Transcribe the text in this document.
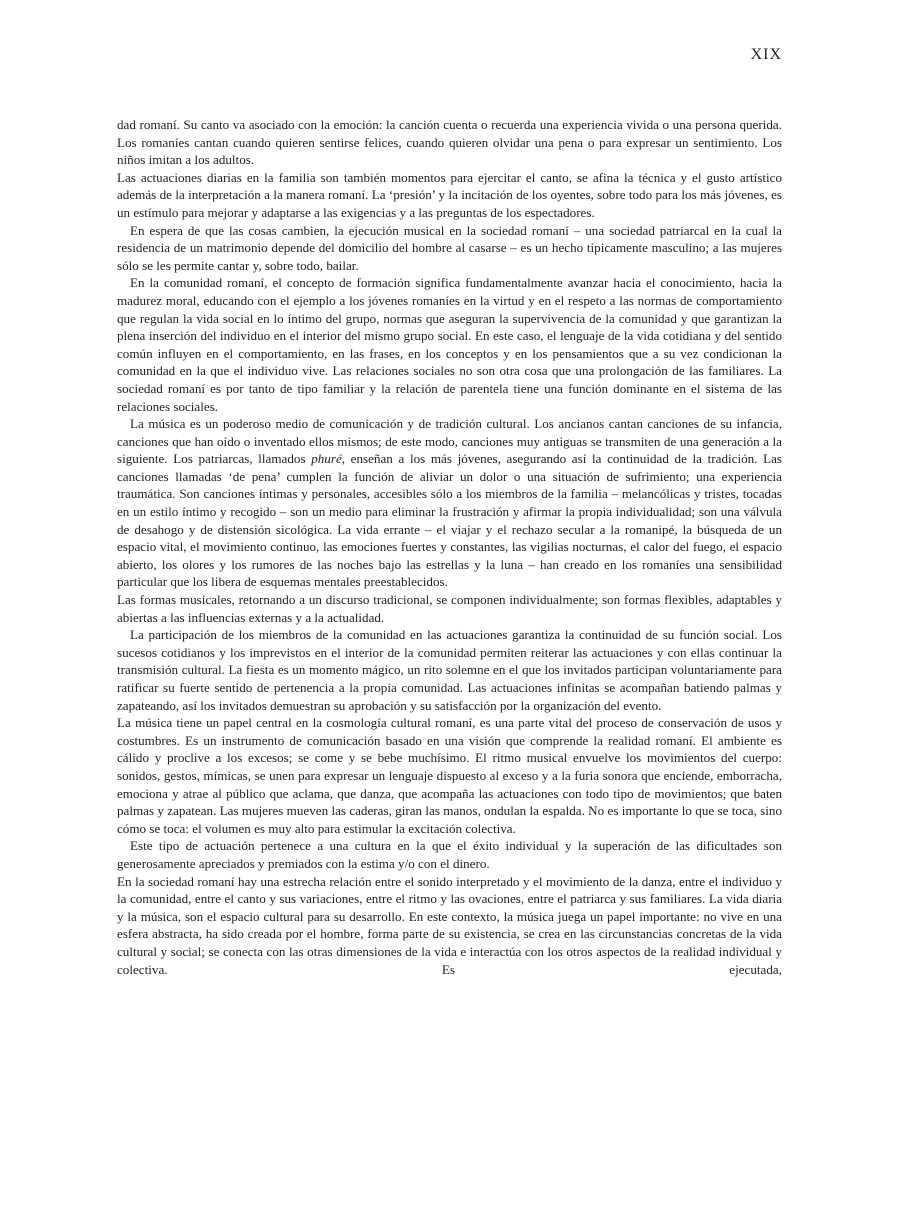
XIX

dad romaní. Su canto va asociado con la emoción: la canción cuenta o recuerda una experiencia vivida o una persona querida. Los romaníes cantan cuando quieren sentirse felices, cuando quieren olvidar una pena o para expresar un sentimiento. Los niños imitan a los adultos.

Las actuaciones diarias en la familia son también momentos para ejercitar el canto, se afina la técnica y el gusto artístico además de la interpretación a la manera romaní. La ‘presión’ y la incitación de los oyentes, sobre todo para los más jóvenes, es un estímulo para mejorar y adaptarse a las exigencias y a las preguntas de los espectadores.

En espera de que las cosas cambien, la ejecución musical en la sociedad romaní – una sociedad patriarcal en la cual la residencia de un matrimonio depende del domicilio del hombre al casarse – es un hecho típicamente masculino; a las mujeres sólo se les permite cantar y, sobre todo, bailar.

En la comunidad romaní, el concepto de formación significa fundamentalmente avanzar hacia el conocimiento, hacia la madurez moral, educando con el ejemplo a los jóvenes romaníes en la virtud y en el respeto a las normas de comportamiento que regulan la vida social en lo íntimo del grupo, normas que aseguran la supervivencia de la comunidad y que garantizan la plena inserción del individuo en el interior del mismo grupo social. En este caso, el lenguaje de la vida cotidiana y del sentido común influyen en el comportamiento, en las frases, en los conceptos y en los pensamientos que a su vez condicionan la comunidad en la que el individuo vive. Las relaciones sociales no son otra cosa que una prolongación de las familiares. La sociedad romaní es por tanto de tipo familiar y la relación de parentela tiene una función dominante en el sistema de las relaciones sociales.

La música es un poderoso medio de comunicación y de tradición cultural. Los ancianos cantan canciones de su infancia, canciones que han oído o inventado ellos mismos; de este modo, canciones muy antiguas se transmiten de una generación a la siguiente. Los patriarcas, llamados phuré, enseñan a los más jóvenes, asegurando así la continuidad de la tradición. Las canciones llamadas ‘de pena’ cumplen la función de aliviar un dolor o una situación de sufrimiento; una experiencia traumática. Son canciones íntimas y personales, accesibles sólo a los miembros de la familia – melancólicas y tristes, tocadas en un estilo íntimo y recogido – son un medio para eliminar la frustración y afirmar la propia individualidad; son una válvula de desahogo y de distensión sicológica. La vida errante – el viajar y el rechazo secular a la romanipé, la búsqueda de un espacio vital, el movimiento continuo, las emociones fuertes y constantes, las vigilias nocturnas, el calor del fuego, el espacio abierto, los olores y los rumores de las noches bajo las estrellas y la luna – han creado en los romaníes una sensibilidad particular que los libera de esquemas mentales preestablecidos.

Las formas musicales, retornando a un discurso tradicional, se componen individualmente; son formas flexibles, adaptables y abiertas a las influencias externas y a la actualidad.

La participación de los miembros de la comunidad en las actuaciones garantiza la continuidad de su función social. Los sucesos cotidianos y los imprevistos en el interior de la comunidad permiten reiterar las actuaciones y con ellas continuar la transmisión cultural. La fiesta es un momento mágico, un rito solemne en el que los invitados participan voluntariamente para ratificar su fuerte sentido de pertenencia a la propia comunidad. Las actuaciones infinitas se acompañan batiendo palmas y zapateando, así los invitados demuestran su aprobación y su satisfacción por la organización del evento.

La música tiene un papel central en la cosmología cultural romaní, es una parte vital del proceso de conservación de usos y costumbres. Es un instrumento de comunicación basado en una visión que comprende la realidad romaní. El ambiente es cálido y proclive a los excesos; se come y se bebe muchísimo. El ritmo musical envuelve los movimientos del cuerpo: sonidos, gestos, mímicas, se unen para expresar un lenguaje dispuesto al exceso y a la furia sonora que enciende, emborracha, emociona y atrae al público que aclama, que danza, que acompaña las actuaciones con todo tipo de movimientos; que baten palmas y zapatean. Las mujeres mueven las caderas, giran las manos, ondulan la espalda. No es importante lo que se toca, sino cómo se toca: el volumen es muy alto para estimular la excitación colectiva.

Este tipo de actuación pertenece a una cultura en la que el éxito individual y la superación de las dificultades son generosamente apreciados y premiados con la estima y/o con el dinero.

En la sociedad romaní hay una estrecha relación entre el sonido interpretado y el movimiento de la danza, entre el individuo y la comunidad, entre el canto y sus variaciones, entre el ritmo y las ovaciones, entre el patriarca y sus familiares. La vida diaria y la música, son el espacio cultural para su desarrollo. En este contexto, la música juega un papel importante: no vive en una esfera abstracta, ha sido creada por el hombre, forma parte de su existencia, se crea en las circunstancias concretas de la vida cultural y social; se conecta con las otras dimensiones de la vida e interactúa con los otros aspectos de la realidad individual y colectiva. Es ejecutada,
